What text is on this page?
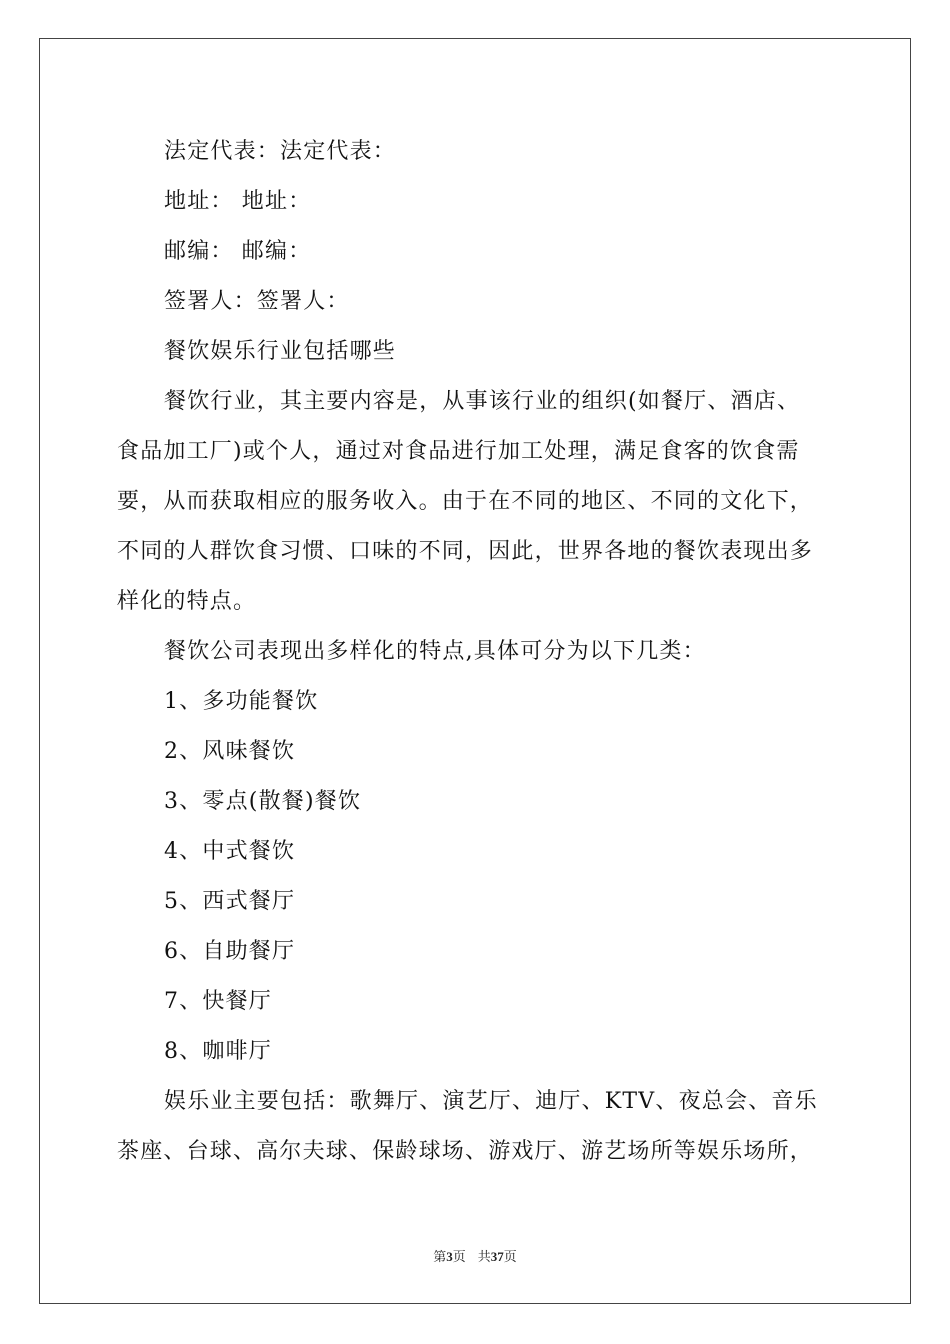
法定代表：法定代表：

地址： 地址：

邮编： 邮编：

签署人：签署人：

餐饮娱乐行业包括哪些

餐饮行业，其主要内容是，从事该行业的组织(如餐厅、酒店、

食品加工厂)或个人，通过对食品进行加工处理，满足食客的饮食需

要，从而获取相应的服务收入。由于在不同的地区、不同的文化下，

不同的人群饮食习惯、口味的不同，因此，世界各地的餐饮表现出多

样化的特点。

餐饮公司表现出多样化的特点,具体可分为以下几类：

1、多功能餐饮

2、风味餐饮

3、零点(散餐)餐饮

4、中式餐饮

5、西式餐厅

6、自助餐厅

7、快餐厅

8、咖啡厅

娱乐业主要包括：歌舞厅、演艺厅、迪厅、KTV、夜总会、音乐

茶座、台球、高尔夫球、保龄球场、游戏厅、游艺场所等娱乐场所，

第3页 共37页
